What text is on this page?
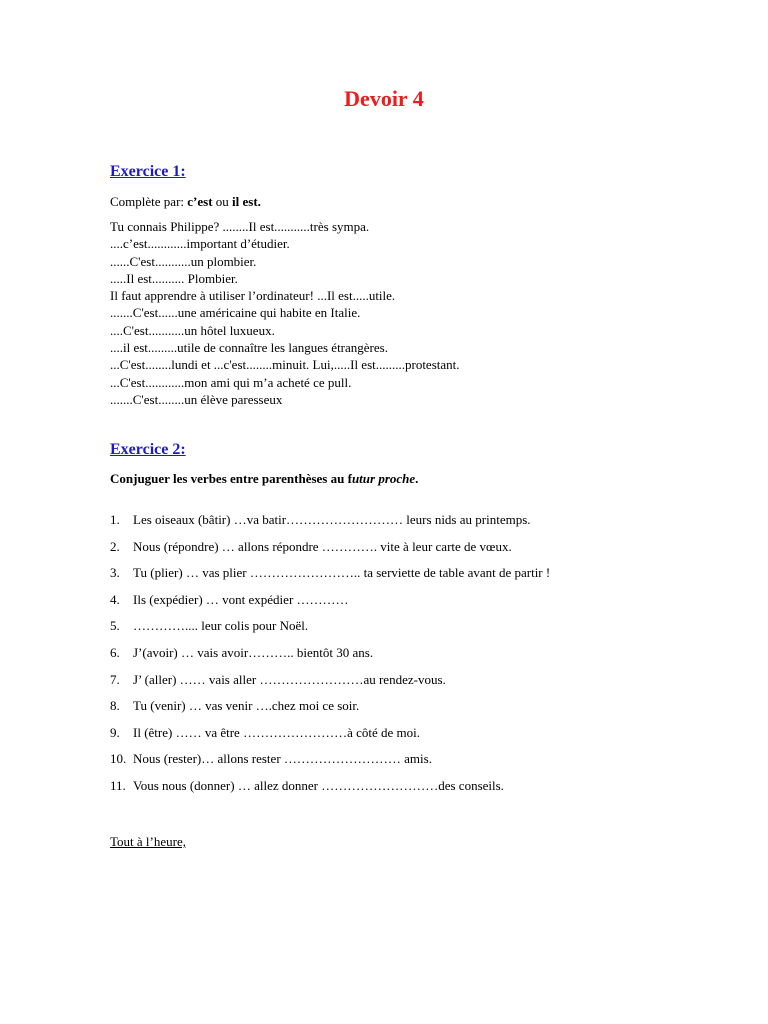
Devoir 4
Exercice 1:

Complète par: c’est ou il est.

Tu connais Philippe? ........Il est...........très sympa.
....c’est............important d’étudier.
......C'est...........un plombier.
.....Il est.......... Plombier.
Il faut apprendre à utiliser l’ordinateur! ...Il est.....utile.
.......C'est......une américaine qui habite en Italie.
....C'est...........un hôtel luxueux.
....il est.........utile de connaître les langues étrangères.
...C'est........lundi et ...c'est........minuit. Lui,.....Il est.........protestant.
...C'est............mon ami qui m’a acheté ce pull.
.......C'est........un élève paresseux
Exercice 2:

Conjuguer les verbes entre parenthèses au futur proche.

1. Les oiseaux (bâtir) …va batir……………………… leurs nids au printemps.
2. Nous (répondre) … allons répondre …………. vite à leur carte de vœux.
3. Tu (plier) … vas plier …………………….. ta serviette de table avant de partir !
4. Ils (expédier) … vont expédier …………
5. ………….... leur colis pour Noël.
6. J’(avoir) … vais avoir……….. bientôt 30 ans.
7. J’ (aller) …… vais aller ……………………au rendez-vous.
8. Tu (venir) … vas venir ….chez moi ce soir.
9. Il (être) …… va être ……………………à côté de moi.
10. Nous (rester)… allons rester ……………………… amis.
11. Vous nous (donner) … allez donner ………………………des conseils.

Tout à l’heure,
